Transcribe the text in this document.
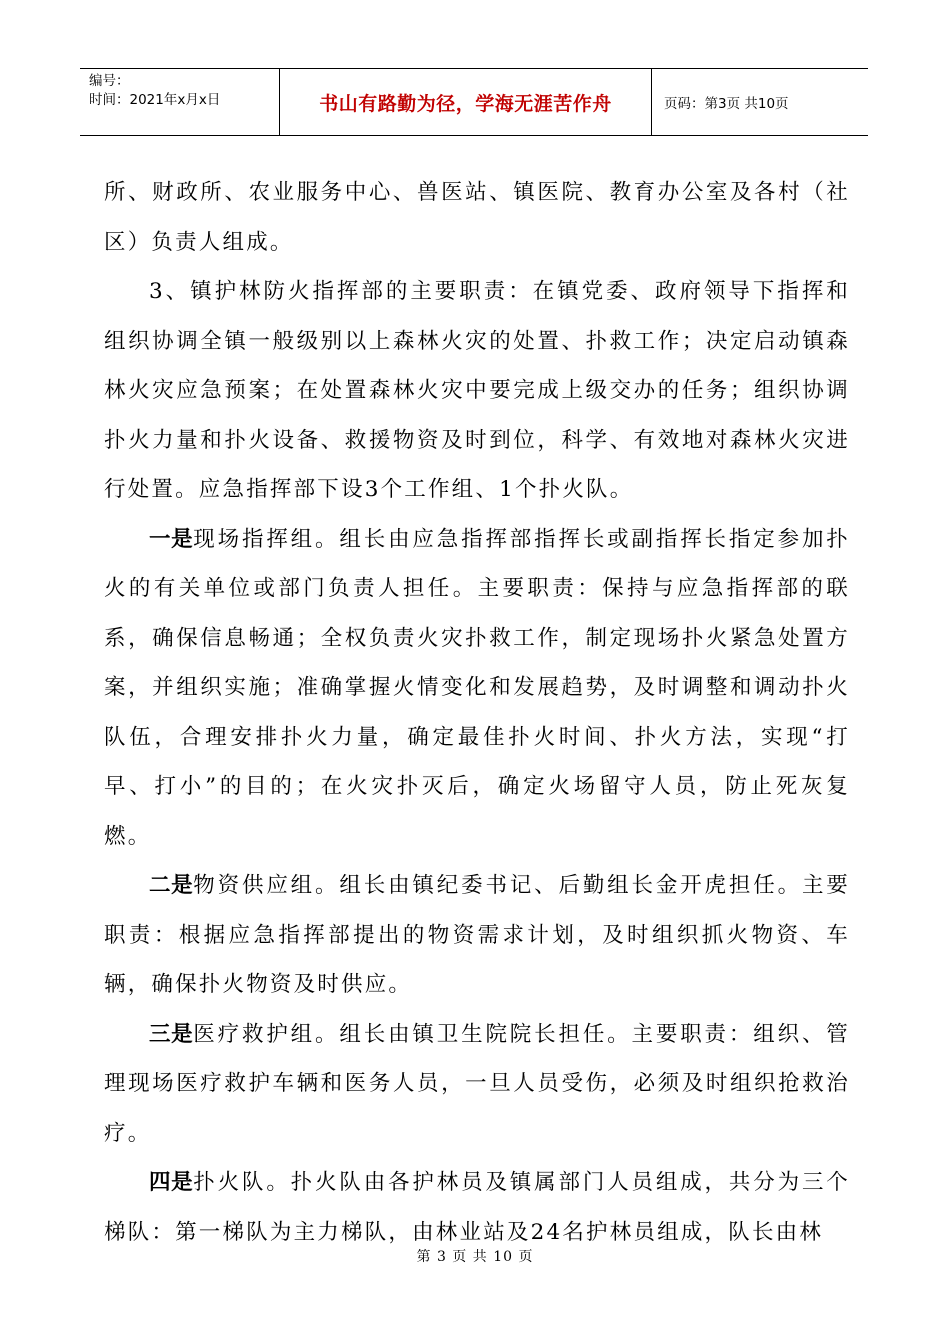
编号：
时间：2021年x月x日	书山有路勤为径，学海无涯苦作舟	页码：第3页 共10页

所、财政所、农业服务中心、兽医站、镇医院、教育办公室及各村（社区）负责人组成。

3、镇护林防火指挥部的主要职责：在镇党委、政府领导下指挥和组织协调全镇一般级别以上森林火灾的处置、扑救工作；决定启动镇森林火灾应急预案；在处置森林火灾中要完成上级交办的任务；组织协调扑火力量和扑火设备、救援物资及时到位，科学、有效地对森林火灾进行处置。应急指挥部下设3个工作组、1个扑火队。

一是现场指挥组。组长由应急指挥部指挥长或副指挥长指定参加扑火的有关单位或部门负责人担任。主要职责：保持与应急指挥部的联系，确保信息畅通；全权负责火灾扑救工作，制定现场扑火紧急处置方案，并组织实施；准确掌握火情变化和发展趋势，及时调整和调动扑火队伍，合理安排扑火力量，确定最佳扑火时间、扑火方法，实现“打早、打小”的目的；在火灾扑灭后，确定火场留守人员，防止死灰复燃。

二是物资供应组。组长由镇纪委书记、后勤组长金开虎担任。主要职责：根据应急指挥部提出的物资需求计划，及时组织抓火物资、车辆，确保扑火物资及时供应。

三是医疗救护组。组长由镇卫生院院长担任。主要职责：组织、管理现场医疗救护车辆和医务人员，一旦人员受伤，必须及时组织抢救治疗。

四是扑火队。扑火队由各护林员及镇属部门人员组成，共分为三个梯队：第一梯队为主力梯队，由林业站及24名护林员组成，队长由林

第 3 页 共 10 页
